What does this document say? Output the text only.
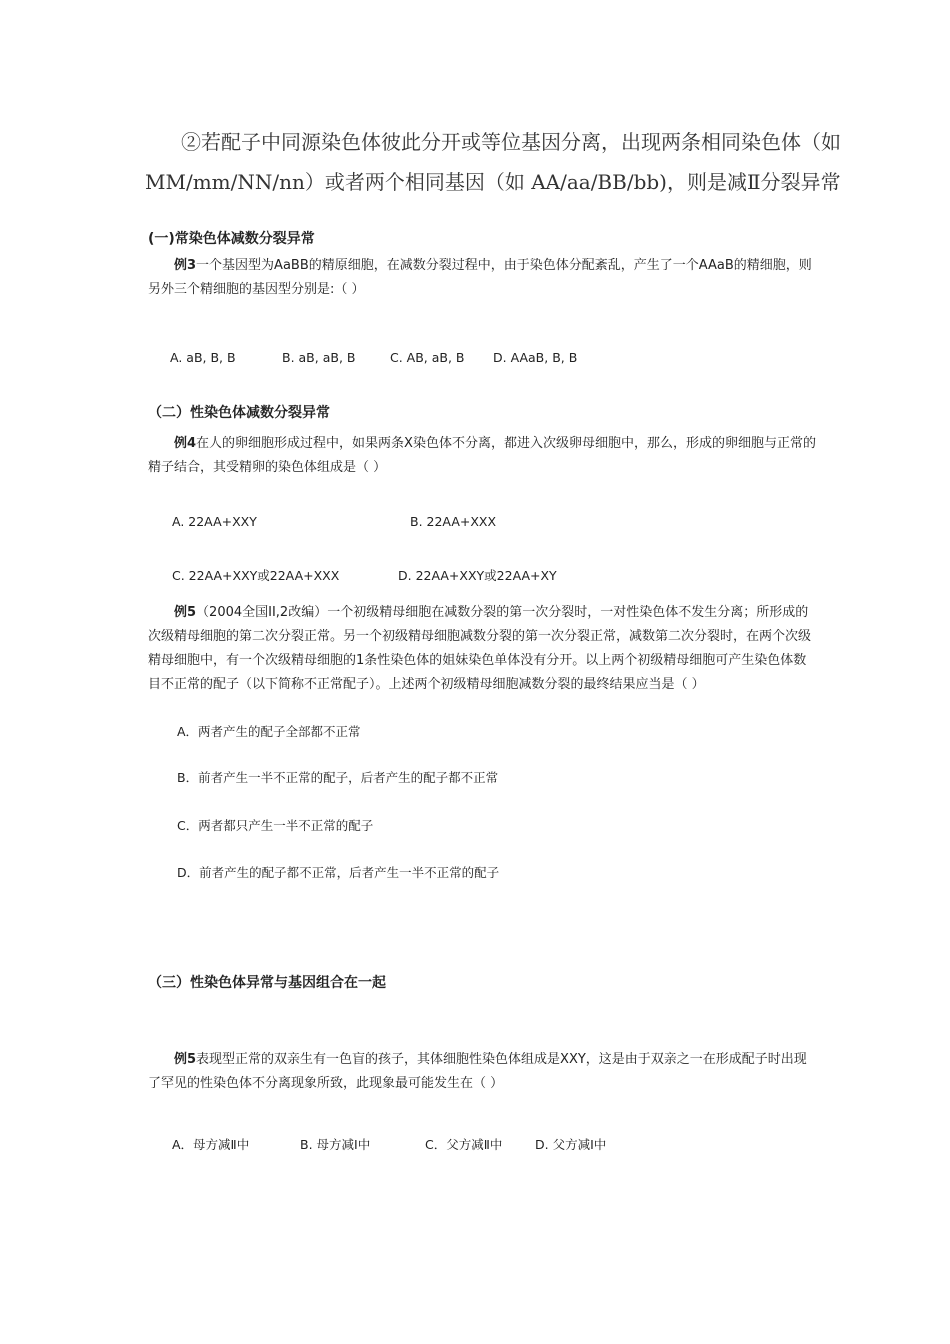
②若配子中同源染色体彼此分开或等位基因分离，出现两条相同染色体（如
MM/mm/NN/nn）或者两个相同基因（如 AA/aa/BB/bb)，则是减Ⅱ分裂异常
(一)常染色体减数分裂异常
例3一个基因型为AaBB的精原细胞，在减数分裂过程中，由于染色体分配紊乱，产生了一个AAaB的精细胞，则另外三个精细胞的基因型分别是:（ ）
A. aB, B, B	B. aB, aB, B	C. AB, aB, B D. AAaB, B, B
（二）性染色体减数分裂异常
例4在人的卵细胞形成过程中，如果两条X染色体不分离，都进入次级卵母细胞中，那么，形成的卵细胞与正常的精子结合，其受精卵的染色体组成是（ ）
A. 22AA+XXY	B. 22AA+XXX
C. 22AA+XXY或22AA+XXX	D. 22AA+XXY或22AA+XY
例5（2004全国II,2改编）一个初级精母细胞在减数分裂的第一次分裂时，一对性染色体不发生分离；所形成的次级精母细胞的第二次分裂正常。另一个初级精母细胞减数分裂的第一次分裂正常，减数第二次分裂时，在两个次级精母细胞中，有一个次级精母细胞的1条性染色体的姐妹染色单体没有分开。以上两个初级精母细胞可产生染色体数目不正常的配子（以下简称不正常配子）。上述两个初级精母细胞减数分裂的最终结果应当是（ ）
A．两者产生的配子全部都不正常
B．前者产生一半不正常的配子，后者产生的配子都不正常
C．两者都只产生一半不正常的配子
D．前者产生的配子都不正常，后者产生一半不正常的配子
（三）性染色体异常与基因组合在一起
例5表现型正常的双亲生有一色盲的孩子，其体细胞性染色体组成是XXY，这是由于双亲之一在形成配子时出现了罕见的性染色体不分离现象所致，此现象最可能发生在（ ）
A．母方减Ⅱ中	B. 母方减Ⅰ中	C．父方减Ⅱ中	D. 父方减Ⅰ中
